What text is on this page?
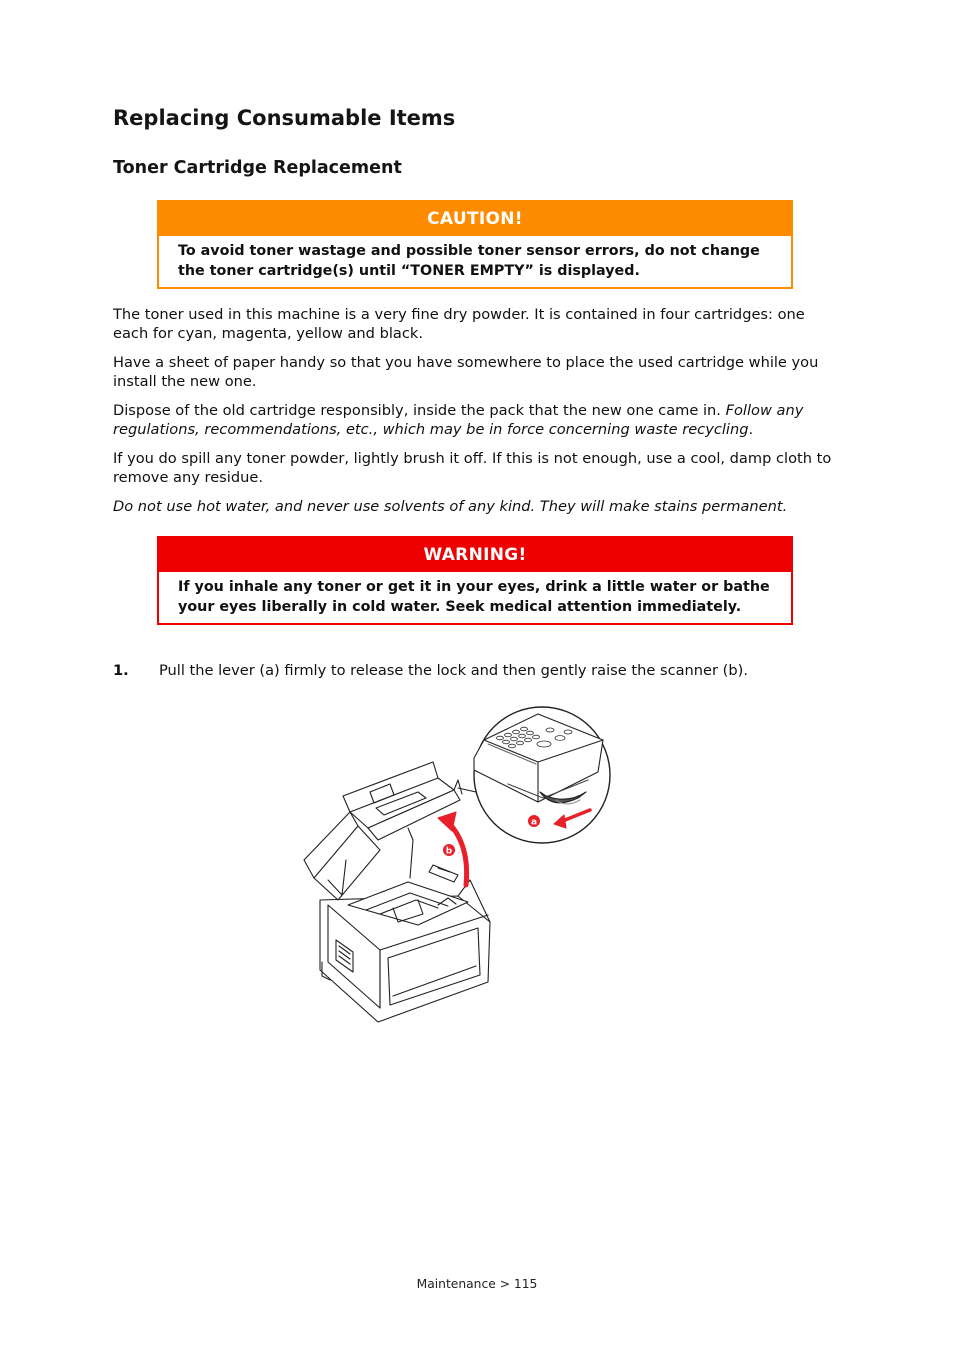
Replacing Consumable Items
Toner Cartridge Replacement
CAUTION!
To avoid toner wastage and possible toner sensor errors, do not change the toner cartridge(s) until “TONER EMPTY” is displayed.

The toner used in this machine is a very fine dry powder. It is contained in four cartridges: one each for cyan, magenta, yellow and black.

Have a sheet of paper handy so that you have somewhere to place the used cartridge while you install the new one.

Dispose of the old cartridge responsibly, inside the pack that the new one came in. Follow any regulations, recommendations, etc., which may be in force concerning waste recycling.

If you do spill any toner powder, lightly brush it off. If this is not enough, use a cool, damp cloth to remove any residue.

Do not use hot water, and never use solvents of any kind. They will make stains permanent.

WARNING!
If you inhale any toner or get it in your eyes, drink a little water or bathe your eyes liberally in cold water. Seek medical attention immediately.
1. Pull the lever (a) firmly to release the lock and then gently raise the scanner (b).
b
a
Maintenance > 115
